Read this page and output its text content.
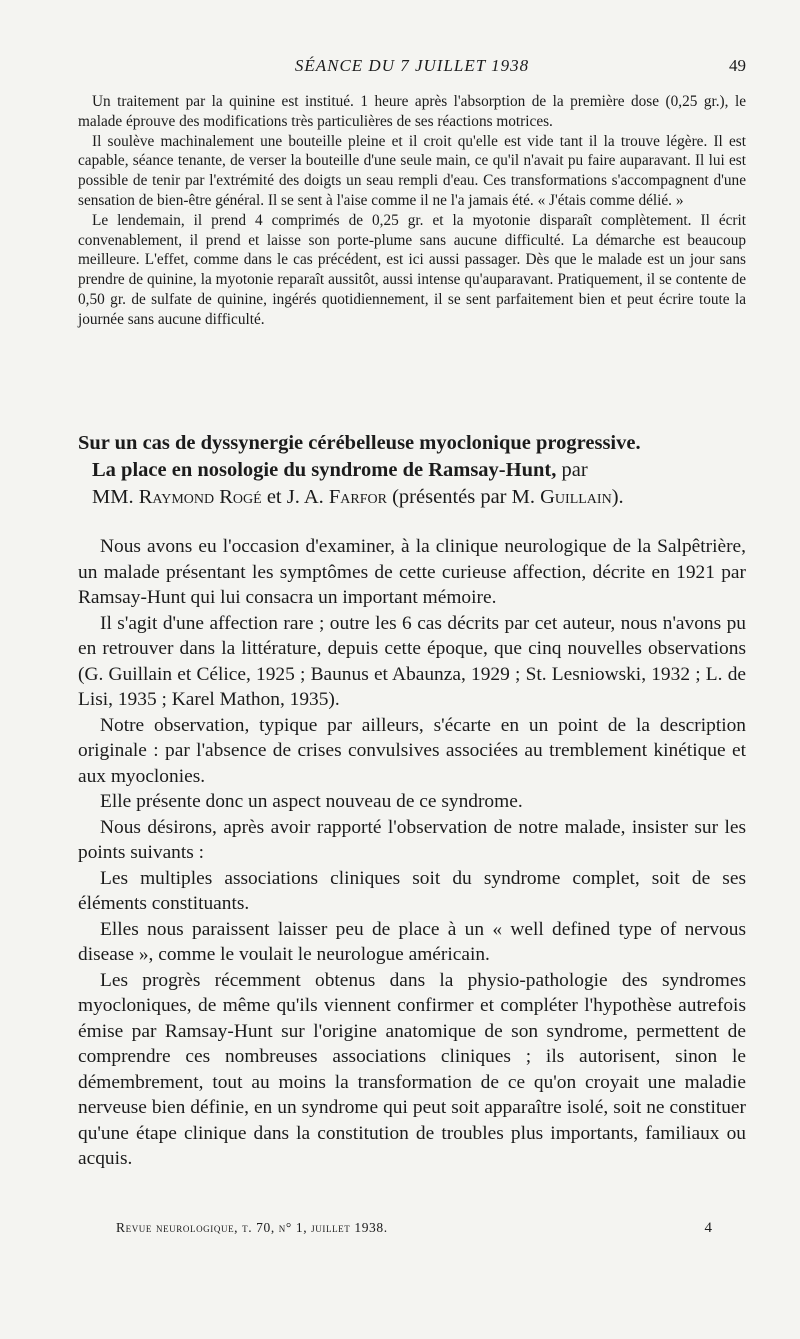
SÉANCE DU 7 JUILLET 1938	49

Un traitement par la quinine est institué. 1 heure après l'absorption de la première dose (0,25 gr.), le malade éprouve des modifications très particulières de ses réactions motrices.

Il soulève machinalement une bouteille pleine et il croit qu'elle est vide tant il la trouve légère. Il est capable, séance tenante, de verser la bouteille d'une seule main, ce qu'il n'avait pu faire auparavant. Il lui est possible de tenir par l'extrémité des doigts un seau rempli d'eau. Ces transformations s'accompagnent d'une sensation de bien-être général. Il se sent à l'aise comme il ne l'a jamais été. « J'étais comme délié. »

Le lendemain, il prend 4 comprimés de 0,25 gr. et la myotonie disparaît complètement. Il écrit convenablement, il prend et laisse son porte-plume sans aucune difficulté. La démarche est beaucoup meilleure. L'effet, comme dans le cas précédent, est ici aussi passager. Dès que le malade est un jour sans prendre de quinine, la myotonie reparaît aussitôt, aussi intense qu'auparavant. Pratiquement, il se contente de 0,50 gr. de sulfate de quinine, ingérés quotidiennement, il se sent parfaitement bien et peut écrire toute la journée sans aucune difficulté.

Sur un cas de dyssynergie cérébelleuse myoclonique progressive.
La place en nosologie du syndrome de Ramsay-Hunt, par
MM. Raymond Rogé et J. A. Farfor (présentés par M. Guillain).

Nous avons eu l'occasion d'examiner, à la clinique neurologique de la Salpêtrière, un malade présentant les symptômes de cette curieuse affection, décrite en 1921 par Ramsay-Hunt qui lui consacra un important mémoire.

Il s'agit d'une affection rare ; outre les 6 cas décrits par cet auteur, nous n'avons pu en retrouver dans la littérature, depuis cette époque, que cinq nouvelles observations (G. Guillain et Célice, 1925 ; Baunus et Abaunza, 1929 ; St. Lesniowski, 1932 ; L. de Lisi, 1935 ; Karel Mathon, 1935).

Notre observation, typique par ailleurs, s'écarte en un point de la description originale : par l'absence de crises convulsives associées au tremblement kinétique et aux myoclonies.

Elle présente donc un aspect nouveau de ce syndrome.

Nous désirons, après avoir rapporté l'observation de notre malade, insister sur les points suivants :

Les multiples associations cliniques soit du syndrome complet, soit de ses éléments constituants.

Elles nous paraissent laisser peu de place à un « well defined type of nervous disease », comme le voulait le neurologue américain.

Les progrès récemment obtenus dans la physio-pathologie des syndromes myocloniques, de même qu'ils viennent confirmer et compléter l'hypothèse autrefois émise par Ramsay-Hunt sur l'origine anatomique de son syndrome, permettent de comprendre ces nombreuses associations cliniques ; ils autorisent, sinon le démembrement, tout au moins la transformation de ce qu'on croyait une maladie nerveuse bien définie, en un syndrome qui peut soit apparaître isolé, soit ne constituer qu'une étape clinique dans la constitution de troubles plus importants, familiaux ou acquis.

Revue neurologique, t. 70, n° 1, juillet 1938.	4
